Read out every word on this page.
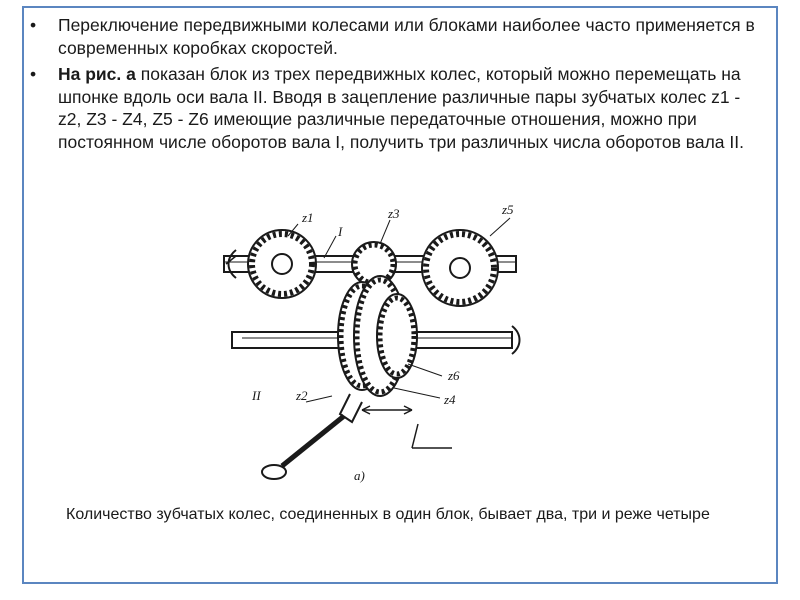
• Переключение передвижными колесами или блоками наиболее часто применяется в современных коробках скоростей.
• На рис. а показан блок из трех передвижных колес, который можно перемещать на шпонке вдоль оси вала II. Вводя в зацепление различные пары зубчатых колес z1 - z2, Z3 - Z4, Z5 - Z6 имеющие различные передаточные отношения, можно при постоянном числе оборотов вала I, получить три различных числа оборотов вала II.
z1	z3	z5
I
II	z2
z6
z4
а)
Количество зубчатых колес, соединенных в один блок, бывает два, три и реже четыре
